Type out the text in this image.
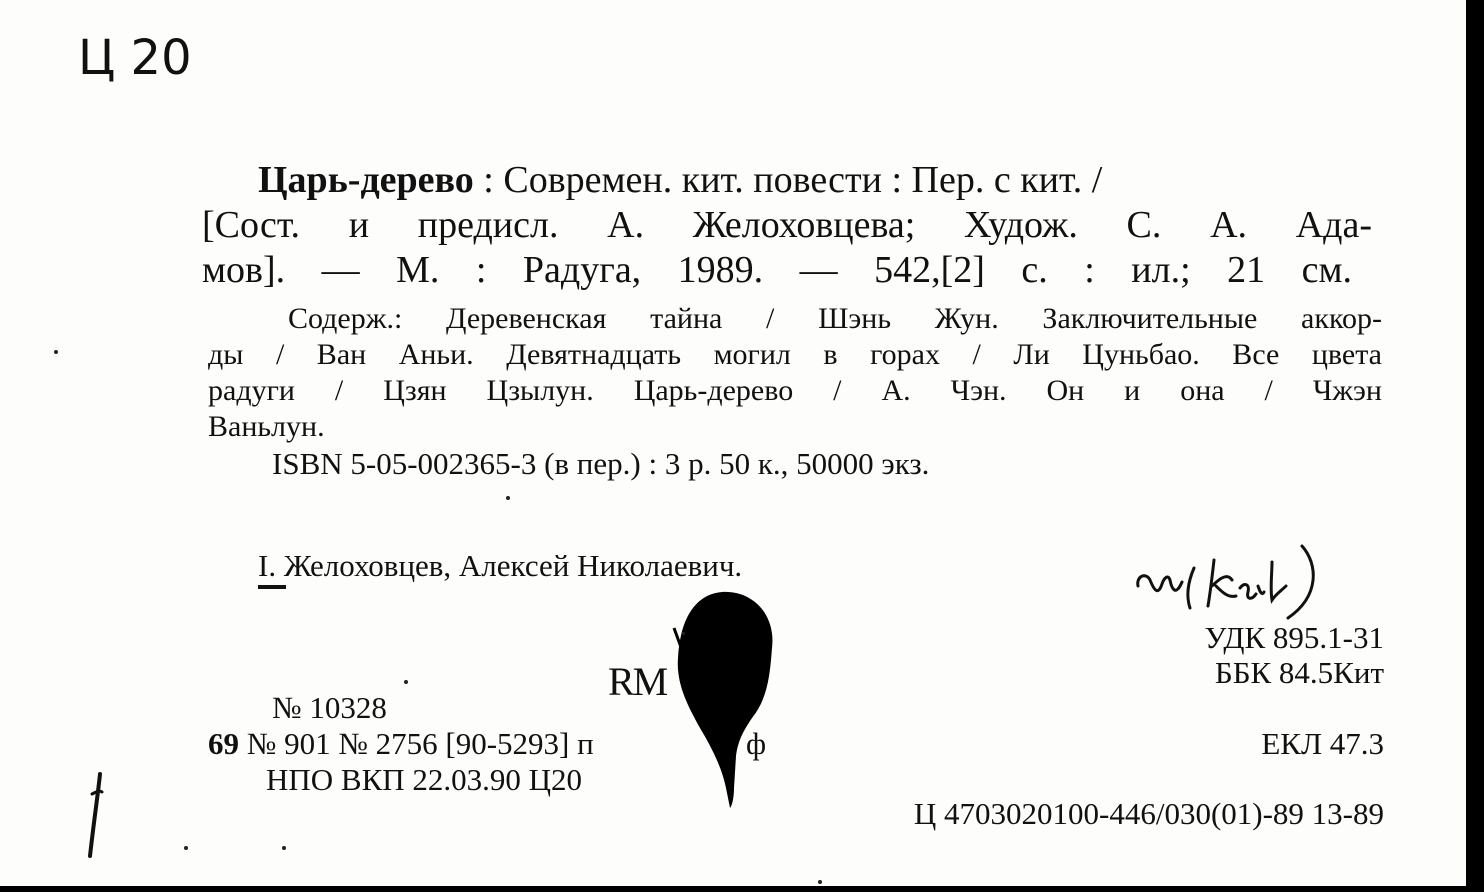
Ц 20
Царь-дерево : Современ. кит. повести : Пер. с кит. /
[Сост. и предисл. А. Желоховцева; Худож. С. А. Ада-
мов]. — М. : Радуга, 1989. — 542,[2] с. : ил.; 21 см.
Содерж.: Деревенская тайна / Шэнь Жун. Заключительные аккор-
ды / Ван Аньи. Девятнадцать могил в горах / Ли Цуньбао. Все цвета
радуги / Цзян Цзылун. Царь-дерево / А. Чэн. Он и она / Чжэн
Ваньлун.
ISBN 5-05-002365-3 (в пер.) : 3 р. 50 к., 50000 экз.
I. Желоховцев, Алексей Николаевич.
УДК 895.1-31
ББК 84.5Кит
ЕКЛ 47.3
RM
№ 10328
69 № 901 № 2756 [90-5293] п	ф
НПО ВКП 22.03.90 Ц20
Ц 4703020100-446/030(01)-89 13-89
